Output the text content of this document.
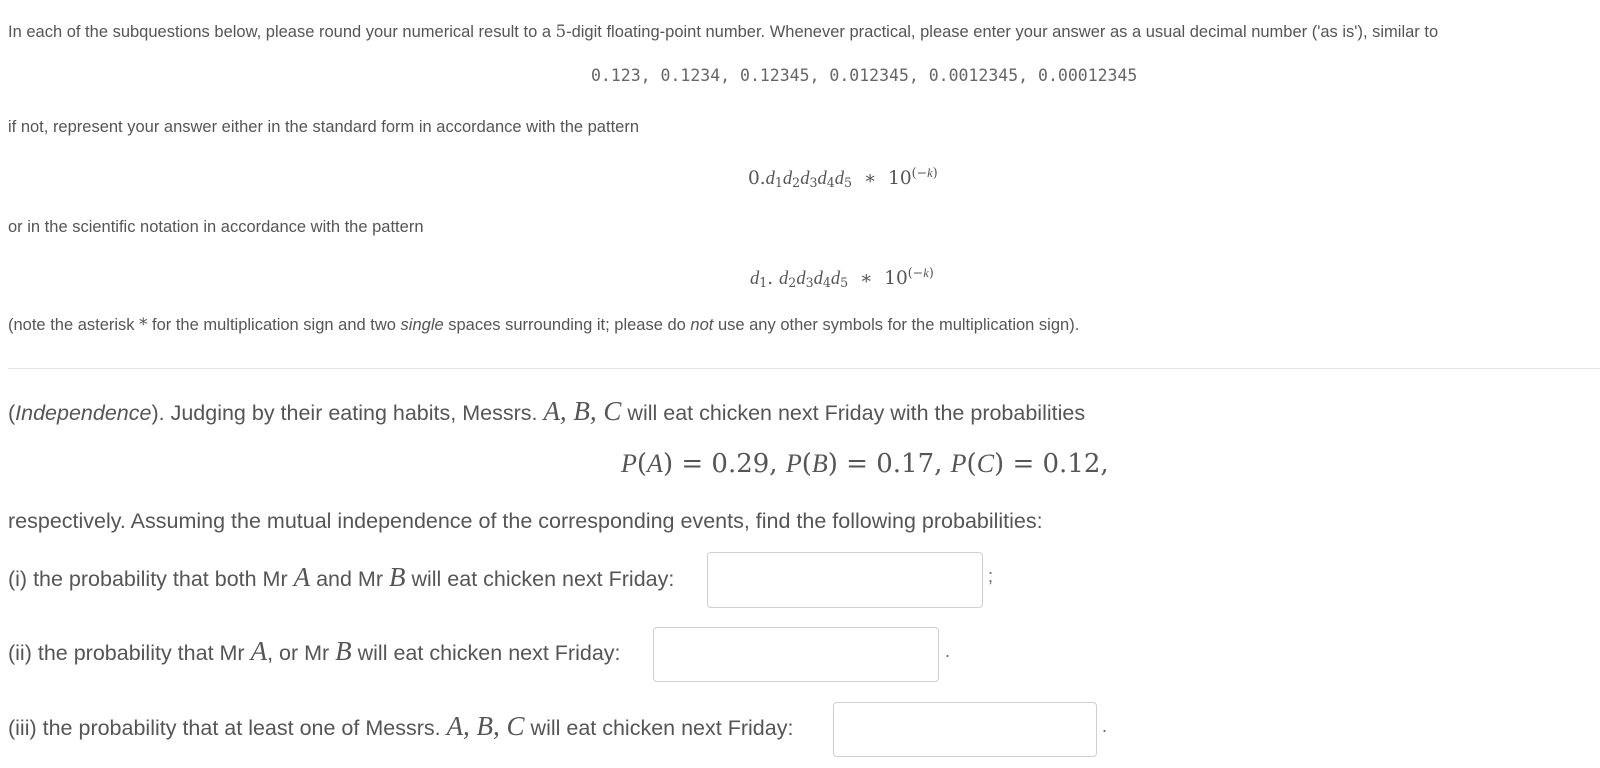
In each of the subquestions below, please round your numerical result to a 5-digit floating-point number. Whenever practical, please enter your answer as a usual decimal number ('as is'), similar to
0.123, 0.1234, 0.12345, 0.012345, 0.0012345, 0.00012345
if not, represent your answer either in the standard form in accordance with the pattern
$0.d_1d_2d_3d_4d_5$ ∗ $10^{(-k)}$
or in the scientific notation in accordance with the pattern
$d_1$. $d_2d_3d_4d_5$ ∗ $10^{(-k)}$
(note the asterisk * for the multiplication sign and two single spaces surrounding it; please do not use any other symbols for the multiplication sign).
(Independence). Judging by their eating habits, Messrs. A, B, C will eat chicken next Friday with the probabilities
P(A) = 0.29, P(B) = 0.17, P(C) = 0.12,
respectively. Assuming the mutual independence of the corresponding events, find the following probabilities:
(i) the probability that both Mr A and Mr B will eat chicken next Friday:	;
(ii) the probability that Mr A, or Mr B will eat chicken next Friday:	.
(iii) the probability that at least one of Messrs. A, B, C will eat chicken next Friday:	.
